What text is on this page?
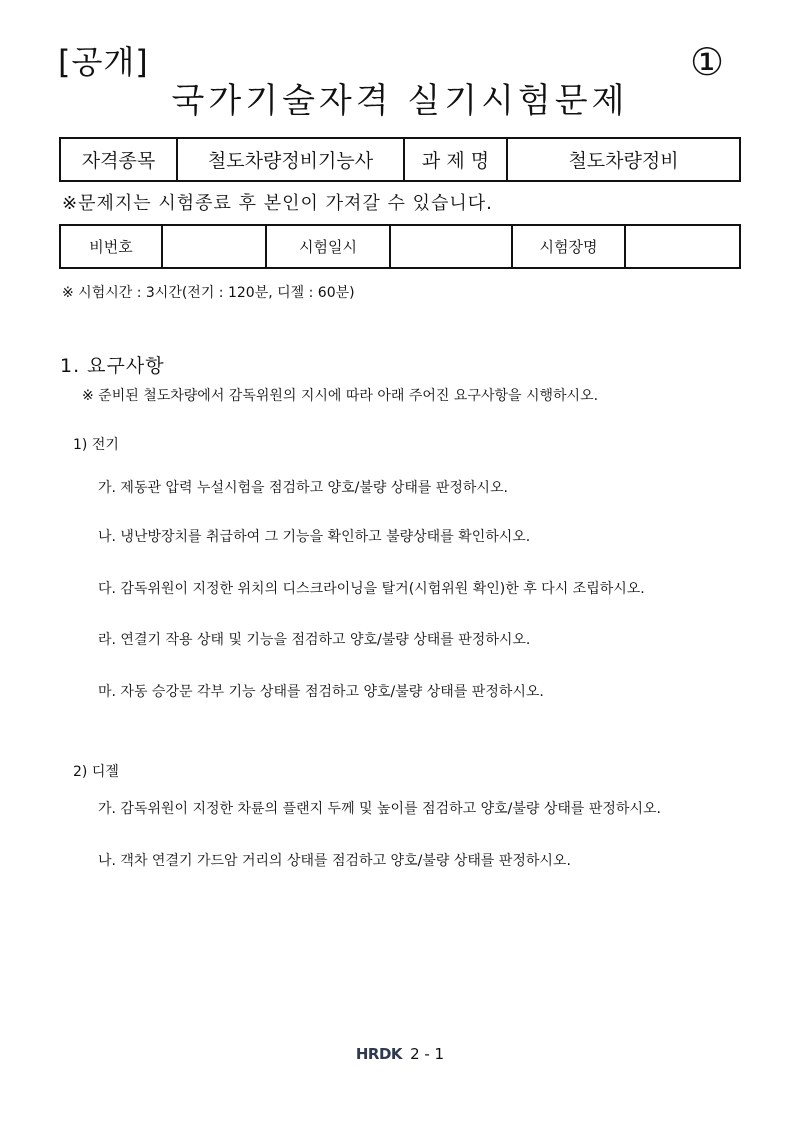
[공개]	①
국가기술자격 실기시험문제
자격종목	철도차량정비기능사	과 제 명	철도차량정비
※문제지는 시험종료 후 본인이 가져갈 수 있습니다.
비번호		시험일시		시험장명	
※ 시험시간 : 3시간(전기 : 120분, 디젤 : 60분)
1. 요구사항
※ 준비된 철도차량에서 감독위원의 지시에 따라 아래 주어진 요구사항을 시행하시오.
1) 전기
가. 제동관 압력 누설시험을 점검하고 양호/불량 상태를 판정하시오.
나. 냉난방장치를 취급하여 그 기능을 확인하고 불량상태를 확인하시오.
다. 감독위원이 지정한 위치의 디스크라이닝을 탈거(시험위원 확인)한 후 다시 조립하시오.
라. 연결기 작용 상태 및 기능을 점검하고 양호/불량 상태를 판정하시오.
마. 자동 승강문 각부 기능 상태를 점검하고 양호/불량 상태를 판정하시오.
2) 디젤
가. 감독위원이 지정한 차륜의 플랜지 두께 및 높이를 점검하고 양호/불량 상태를 판정하시오.
나. 객차 연결기 가드암 거리의 상태를 점검하고 양호/불량 상태를 판정하시오.
HRDK 2 - 1
